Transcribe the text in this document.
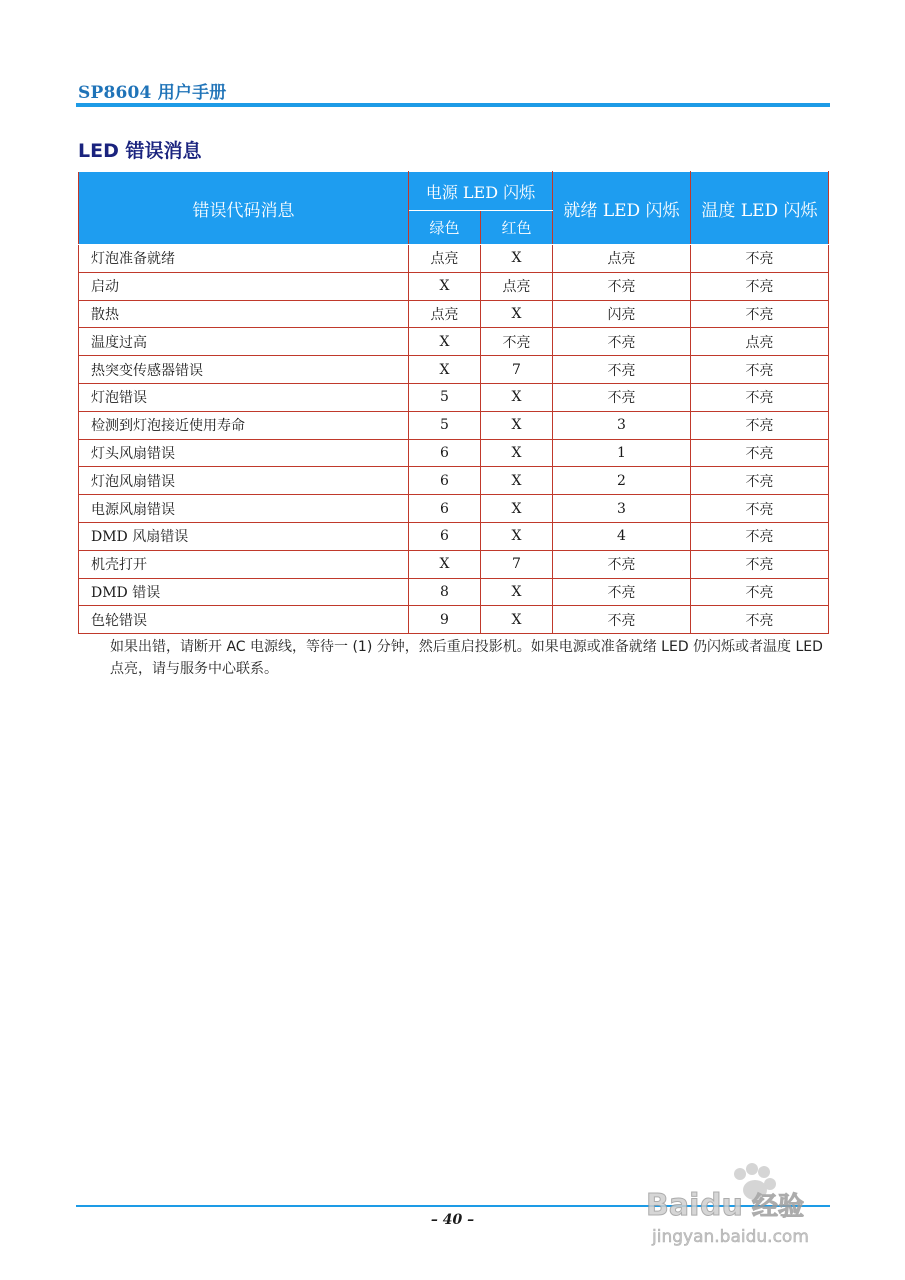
SP8604 用户手册
LED 错误消息
错误代码消息	电源 LED 闪烁		就绪 LED 闪烁	温度 LED 闪烁
	绿色	红色		
灯泡准备就绪	点亮	X	点亮	不亮
启动	X	点亮	不亮	不亮
散热	点亮	X	闪亮	不亮
温度过高	X	不亮	不亮	点亮
热突变传感器错误	X	7	不亮	不亮
灯泡错误	5	X	不亮	不亮
检测到灯泡接近使用寿命	5	X	3	不亮
灯头风扇错误	6	X	1	不亮
灯泡风扇错误	6	X	2	不亮
电源风扇错误	6	X	3	不亮
DMD 风扇错误	6	X	4	不亮
机壳打开	X	7	不亮	不亮
DMD 错误	8	X	不亮	不亮
色轮错误	9	X	不亮	不亮
如果出错，请断开 AC 电源线，等待一 (1) 分钟，然后重启投影机。如果电源或准备就绪 LED 仍闪烁或者温度 LED 点亮，请与服务中心联系。
– 40 –	Bai du 经验
jingyan.baidu.com
